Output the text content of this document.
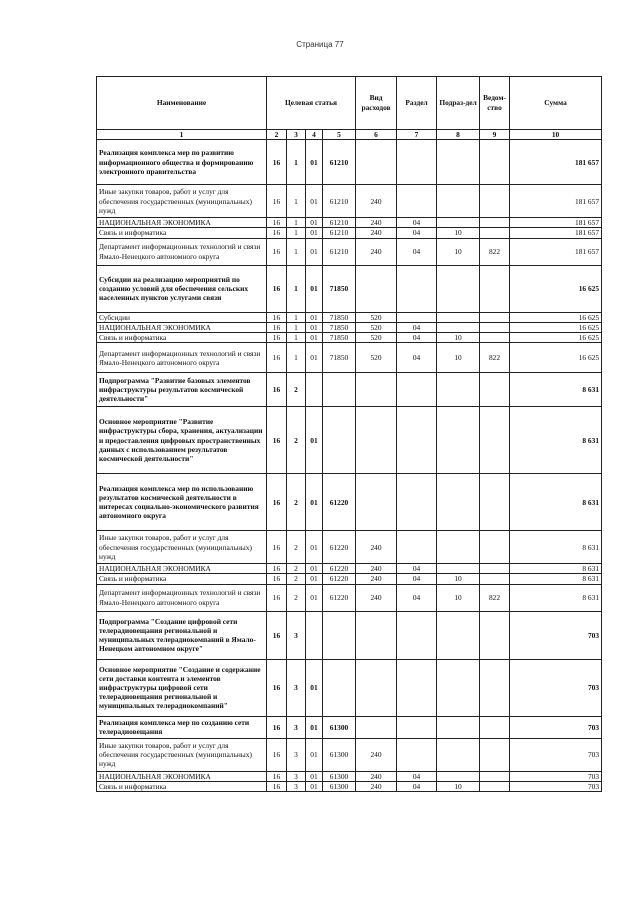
Страница 77
Наименование	Целевая статья				Вид расходов	Раздел	Подраз-дел	Ведом-ство	Сумма
1	2	3	4	5	6	7	8	9	10
Реализация комплекса мер по развитию информационного общества и формированию электронного правительства	16	1	01	61210					181 657
Иные закупки товаров, работ и услуг для обеспечения государственных (муниципальных) нужд	16	1	01	61210	240				181 657
НАЦИОНАЛЬНАЯ ЭКОНОМИКА	16	1	01	61210	240	04			181 657
Связь и информатика	16	1	01	61210	240	04	10		181 657
Департамент информационных технологий и связи Ямало-Ненецкого автономного округа	16	1	01	61210	240	04	10	822	181 657
Субсидии на реализацию мероприятий по созданию условий для обеспечения сельских населенных пунктов услугами связи	16	1	01	71850					16 625
Субсидии	16	1	01	71850	520				16 625
НАЦИОНАЛЬНАЯ ЭКОНОМИКА	16	1	01	71850	520	04			16 625
Связь и информатика	16	1	01	71850	520	04	10		16 625
Департамент информационных технологий и связи Ямало-Ненецкого автономного округа	16	1	01	71850	520	04	10	822	16 625
Подпрограмма "Развитие базовых элементов инфраструктуры результатов космической деятельности"	16	2							8 631
Основное мероприятие "Развитие инфраструктуры сбора, хранения, актуализации и предоставления цифровых пространственных данных с использованием результатов космической деятельности"	16	2	01						8 631
Реализация комплекса мер по использованию результатов космической деятельности в интересах социально-экономического развития автономного округа	16	2	01	61220					8 631
Иные закупки товаров, работ и услуг для обеспечения государственных (муниципальных) нужд	16	2	01	61220	240				8 631
НАЦИОНАЛЬНАЯ ЭКОНОМИКА	16	2	01	61220	240	04			8 631
Связь и информатика	16	2	01	61220	240	04	10		8 631
Департамент информационных технологий и связи Ямало-Ненецкого автономного округа	16	2	01	61220	240	04	10	822	8 631
Подпрограмма "Создание цифровой сети телерадиовещания региональной и муниципальных телерадиокомпаний в Ямало-Ненецком автономном округе"	16	3							703
Основное мероприятие "Создание и содержание сети доставки контента и элементов инфраструктуры цифровой сети телерадиовещания региональной и муниципальных телерадиокомпаний"	16	3	01						703
Реализация комплекса мер по созданию сети телерадиовещания	16	3	01	61300					703
Иные закупки товаров, работ и услуг для обеспечения государственных (муниципальных) нужд	16	3	01	61300	240				703
НАЦИОНАЛЬНАЯ ЭКОНОМИКА	16	3	01	61300	240	04			703
Связь и информатика	16	3	01	61300	240	04	10		703
